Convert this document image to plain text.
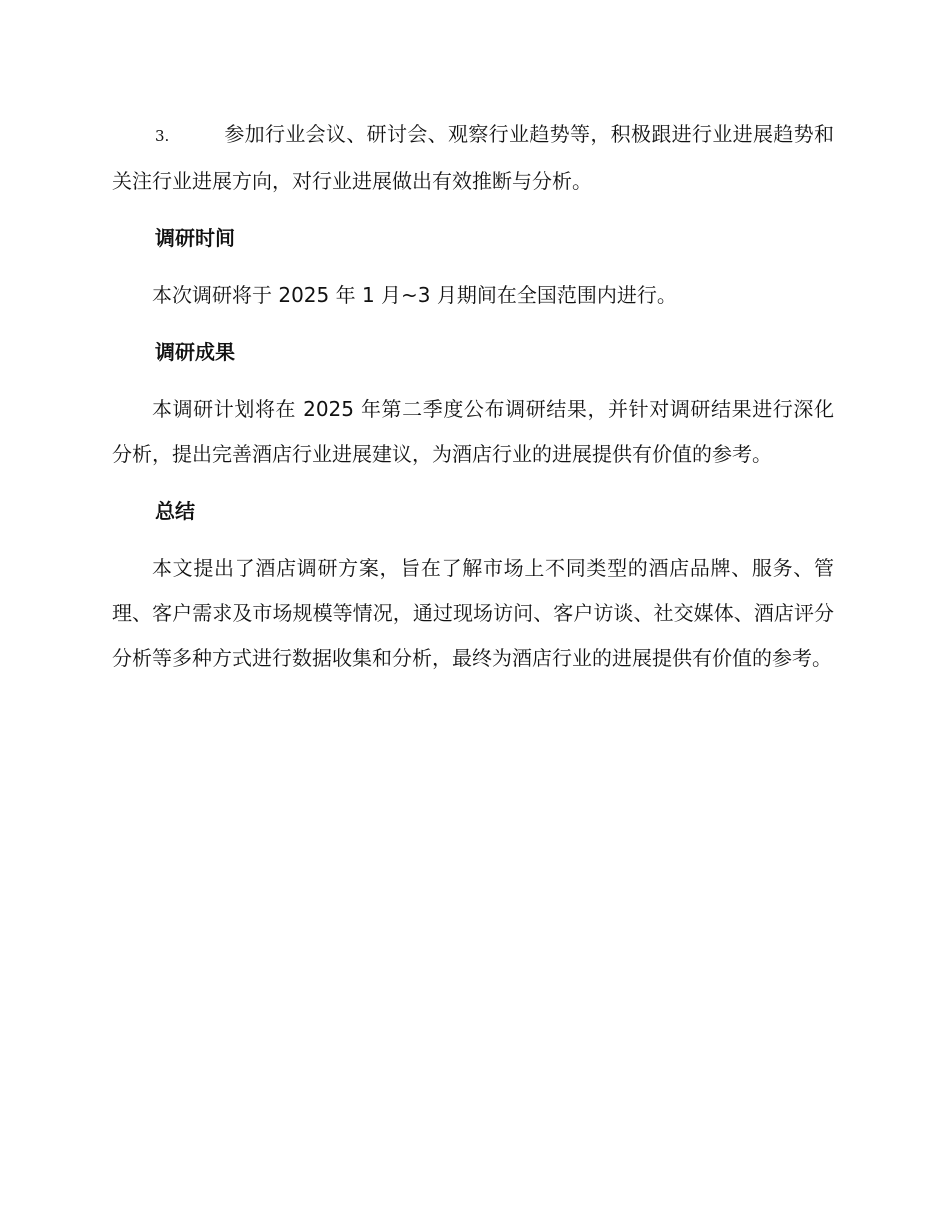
3.	参加行业会议、研讨会、观察行业趋势等，积极跟进行业进展趋势和关注行业进展方向，对行业进展做出有效推断与分析。

调研时间

本次调研将于 2025 年 1 月~3 月期间在全国范围内进行。

调研成果

本调研计划将在 2025 年第二季度公布调研结果，并针对调研结果进行深化分析，提出完善酒店行业进展建议，为酒店行业的进展提供有价值的参考。

总结

本文提出了酒店调研方案，旨在了解市场上不同类型的酒店品牌、服务、管理、客户需求及市场规模等情况，通过现场访问、客户访谈、社交媒体、酒店评分分析等多种方式进行数据收集和分析，最终为酒店行业的进展提供有价值的参考。
